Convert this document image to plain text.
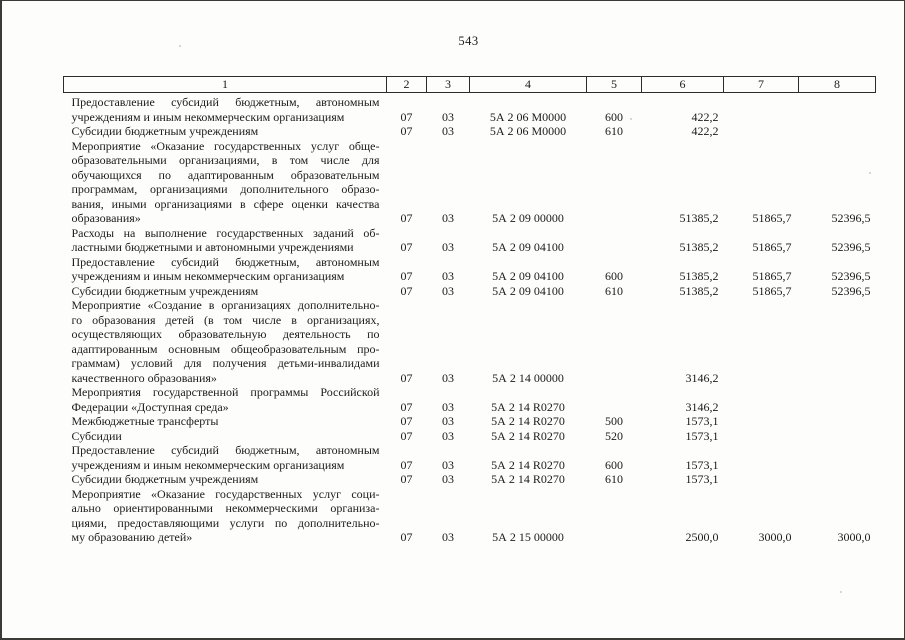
543
1	2	3	4	5	6	7	8

Предоставление субсидий бюджетным, автономным
учреждениям и иным некоммерческим организациям	07	03	5А 2 06 М0000	600	422,2		

Субсидии бюджетным учреждениям	07	03	5А 2 06 М0000	610	422,2		

Мероприятие «Оказание государственных услуг обще-
образовательными организациями, в том числе для
обучающихся по адаптированным образовательным
программам, организациями дополнительного образо-
вания, иными организациями в сфере оценки качества
образования»	07	03	5А 2 09 00000		51385,2	51865,7	52396,5

Расходы на выполнение государственных заданий об-
ластными бюджетными и автономными учреждениями	07	03	5А 2 09 04100		51385,2	51865,7	52396,5

Предоставление субсидий бюджетным, автономным
учреждениям и иным некоммерческим организациям	07	03	5А 2 09 04100	600	51385,2	51865,7	52396,5

Субсидии бюджетным учреждениям	07	03	5А 2 09 04100	610	51385,2	51865,7	52396,5

Мероприятие «Создание в организациях дополнительно-
го образования детей (в том числе в организациях,
осуществляющих образовательную деятельность по
адаптированным основным общеобразовательным про-
граммам) условий для получения детьми-инвалидами
качественного образования»	07	03	5А 2 14 00000		3146,2		

Мероприятия государственной программы Российской
Федерации «Доступная среда»	07	03	5А 2 14 R0270		3146,2		

Межбюджетные трансферты	07	03	5А 2 14 R0270	500	1573,1		

Субсидии	07	03	5А 2 14 R0270	520	1573,1		

Предоставление субсидий бюджетным, автономным
учреждениям и иным некоммерческим организациям	07	03	5А 2 14 R0270	600	1573,1		

Субсидии бюджетным учреждениям	07	03	5А 2 14 R0270	610	1573,1		

Мероприятие «Оказание государственных услуг соци-
ально ориентированными некоммерческими организа-
циями, предоставляющими услуги по дополнительно-
му образованию детей»	07	03	5А 2 15 00000		2500,0	3000,0	3000,0
